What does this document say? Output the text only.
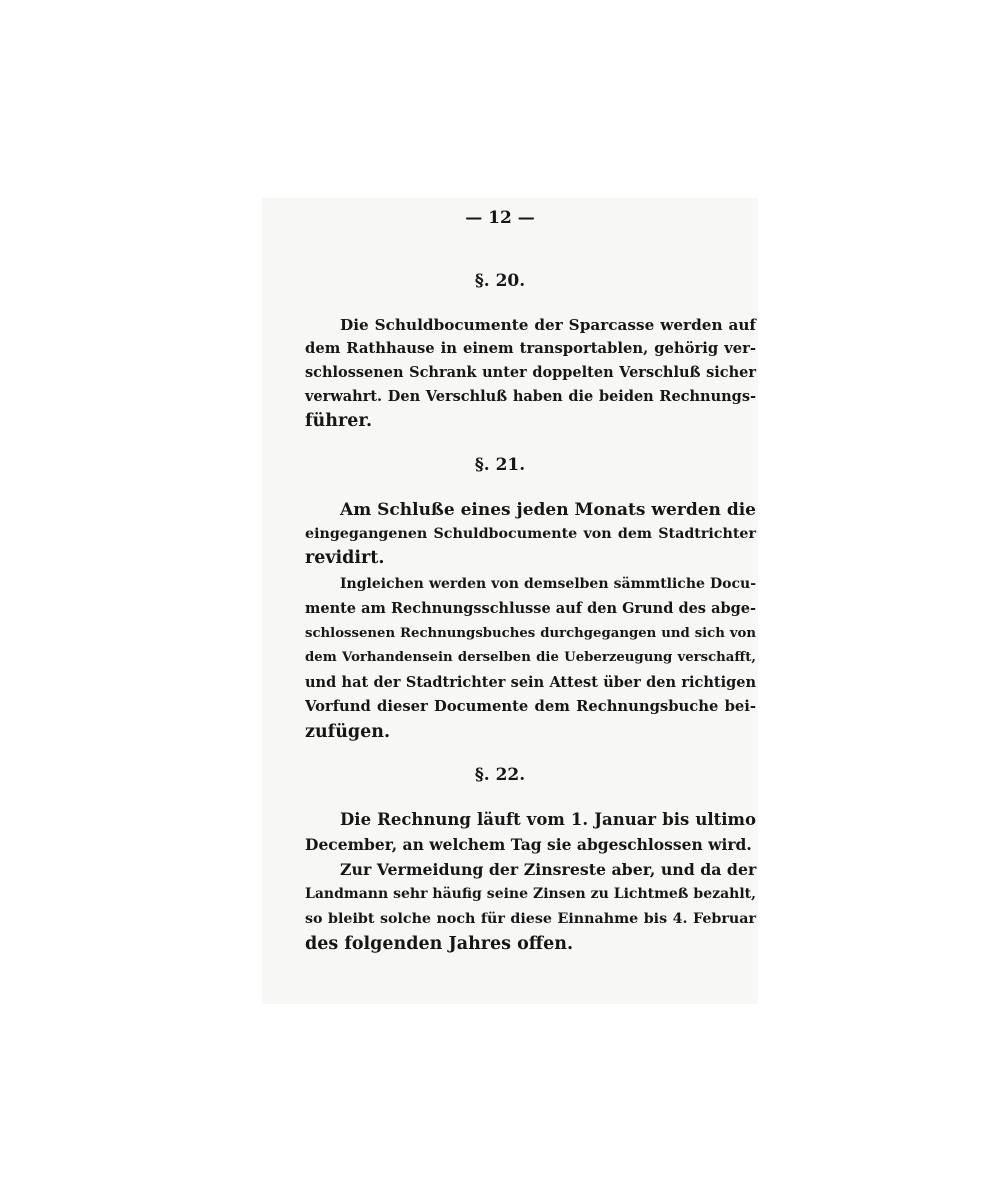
— 12 —
§. 20.
Die Schuldbocumente der Sparcasse werden auf
dem Rathhause in einem transportablen, gehörig ver-
schlossenen Schrank unter doppelten Verschluß sicher
verwahrt. Den Verschluß haben die beiden Rechnungs-
führer.
§. 21.
Am Schluße eines jeden Monats werden die
eingegangenen Schuldbocumente von dem Stadtrichter
revidirt.
Ingleichen werden von demselben sämmtliche Docu-
mente am Rechnungsschlusse auf den Grund des abge-
schlossenen Rechnungsbuches durchgegangen und sich von
dem Vorhandensein derselben die Ueberzeugung verschafft,
und hat der Stadtrichter sein Attest über den richtigen
Vorfund dieser Documente dem Rechnungsbuche bei-
zufügen.
§. 22.
Die Rechnung läuft vom 1. Januar bis ultimo
December, an welchem Tag sie abgeschlossen wird.
Zur Vermeidung der Zinsreste aber, und da der
Landmann sehr häufig seine Zinsen zu Lichtmeß bezahlt,
so bleibt solche noch für diese Einnahme bis 4. Februar
des folgenden Jahres offen.
